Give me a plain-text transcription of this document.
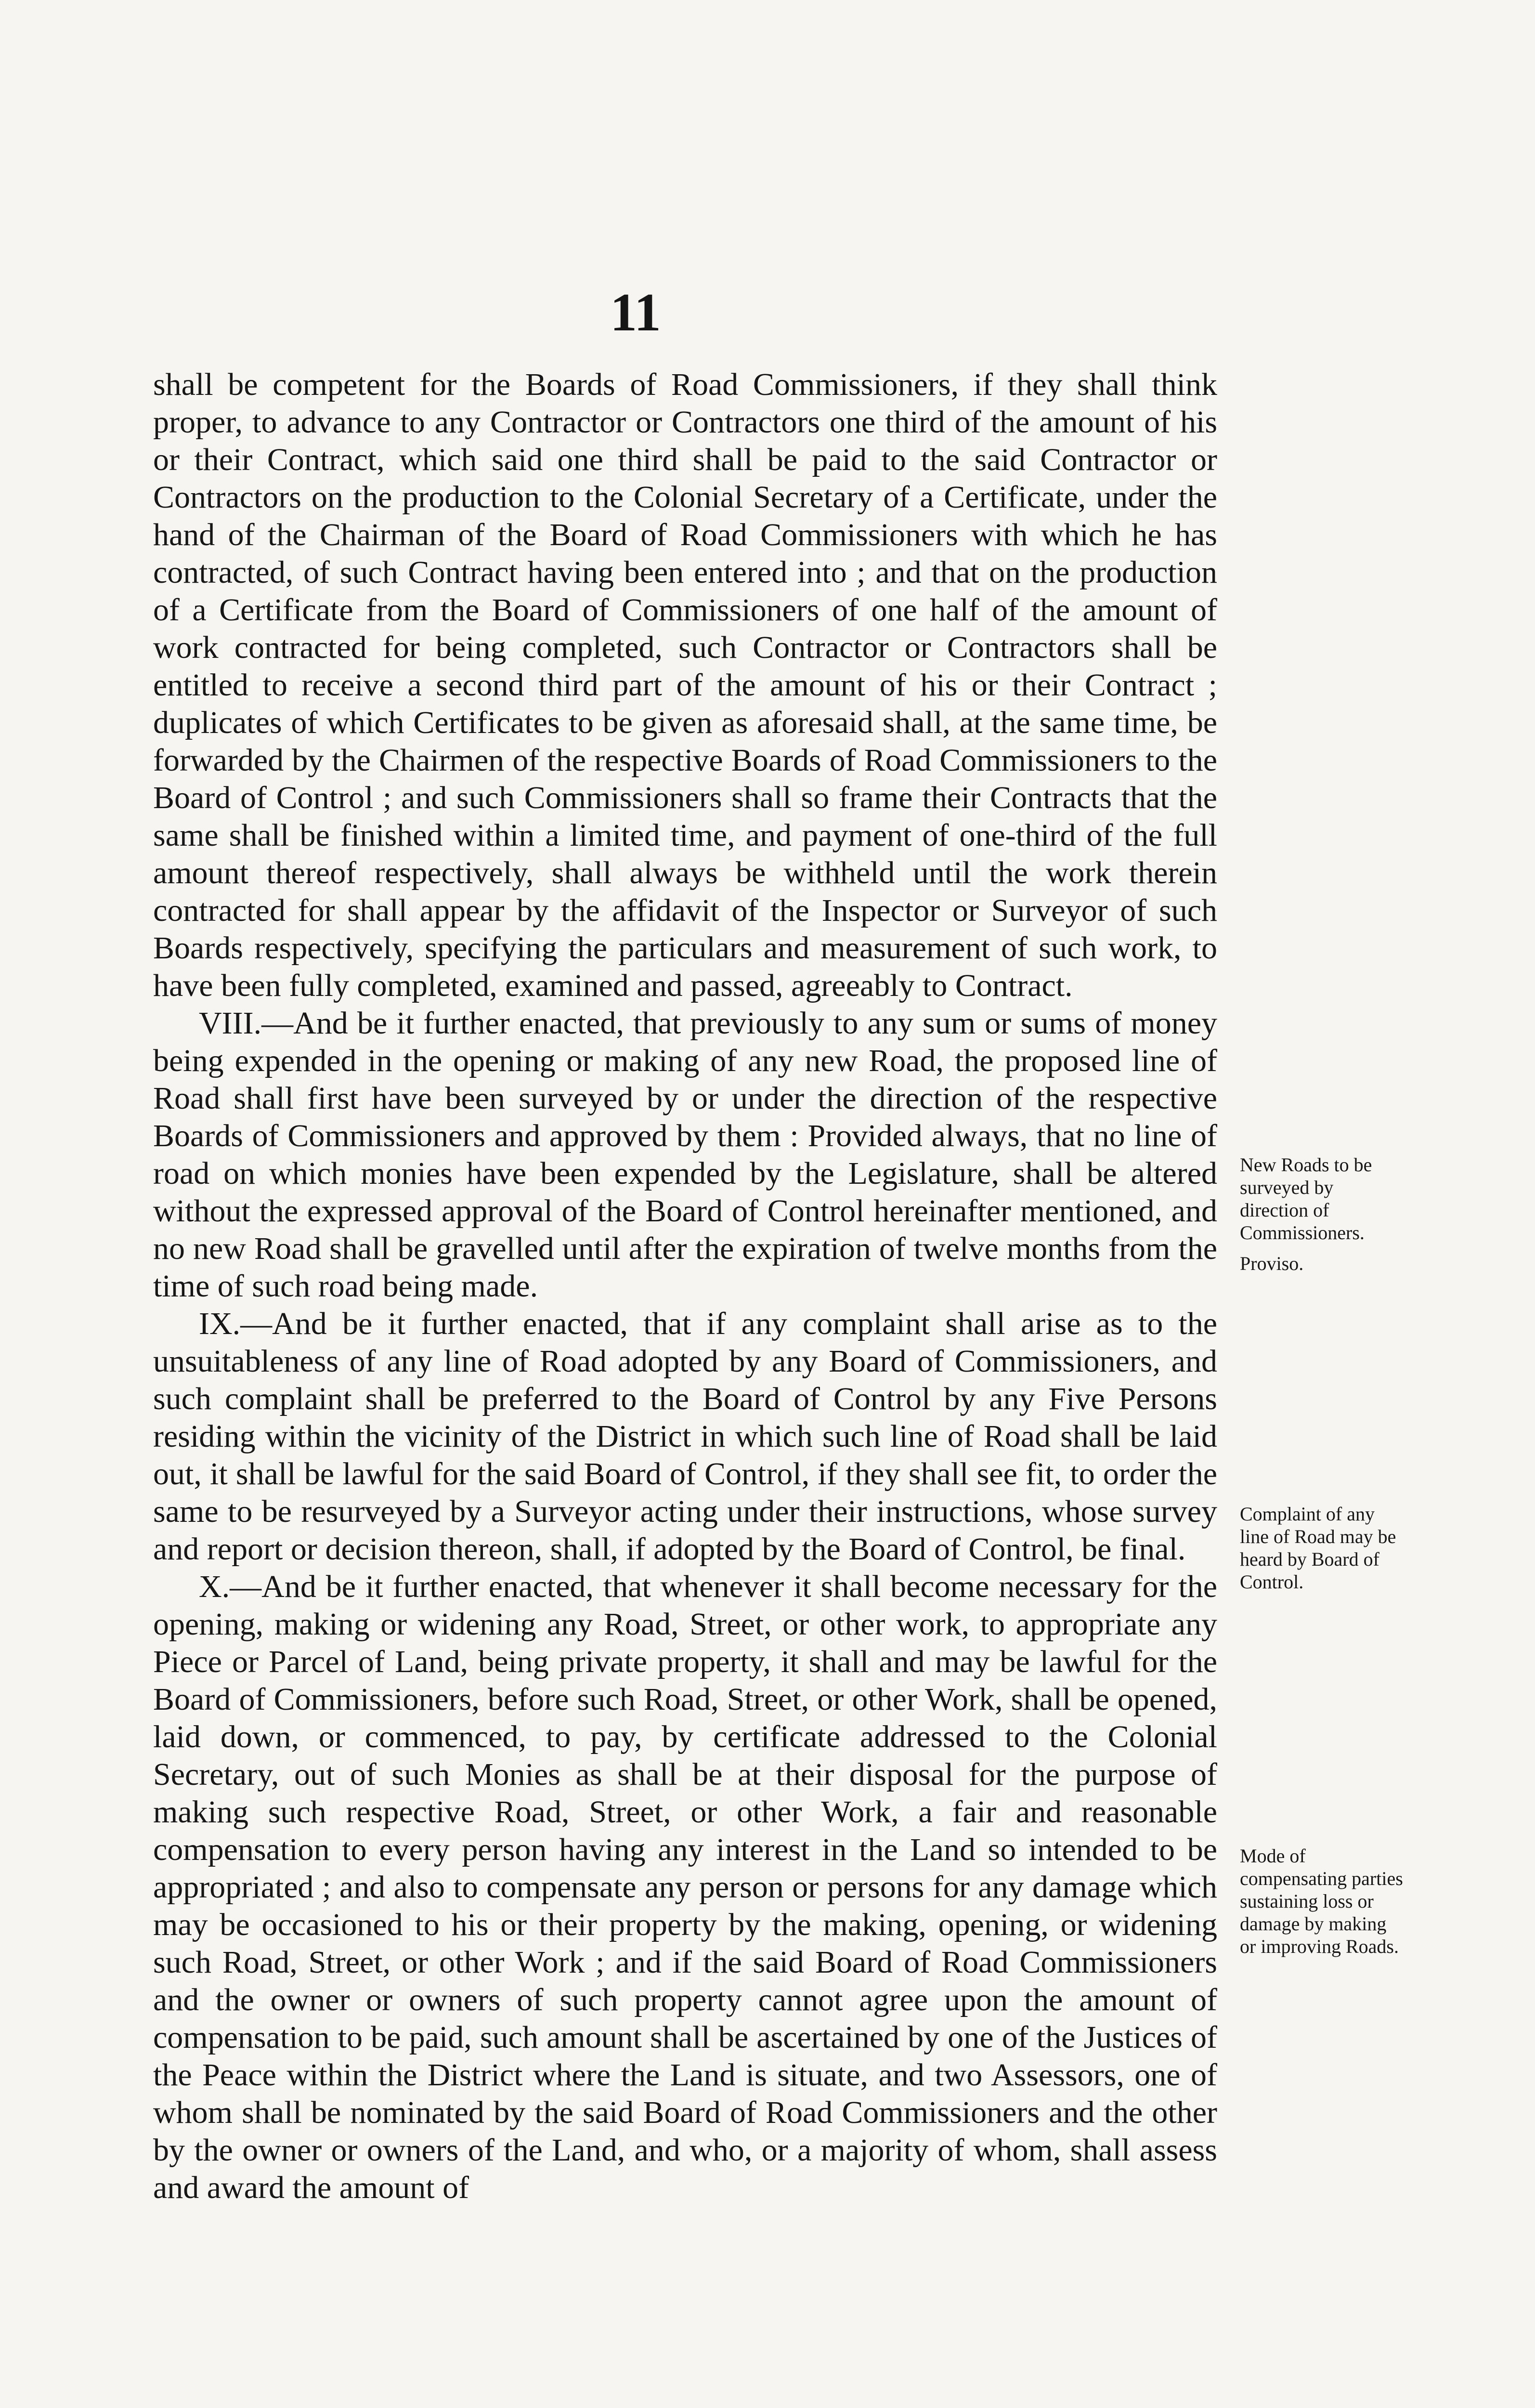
11

shall be competent for the Boards of Road Commissioners, if they shall think proper, to advance to any Contractor or Contractors one third of the amount of his or their Contract, which said one third shall be paid to the said Contractor or Contractors on the production to the Colonial Secretary of a Certificate, under the hand of the Chairman of the Board of Road Commissioners with which he has contracted, of such Contract having been entered into ; and that on the production of a Certificate from the Board of Commissioners of one half of the amount of work contracted for being completed, such Contractor or Contractors shall be entitled to receive a second third part of the amount of his or their Contract ; duplicates of which Certificates to be given as aforesaid shall, at the same time, be forwarded by the Chairmen of the respective Boards of Road Commissioners to the Board of Control ; and such Commissioners shall so frame their Contracts that the same shall be finished within a limited time, and payment of one-third of the full amount thereof respectively, shall always be withheld until the work therein contracted for shall appear by the affidavit of the Inspector or Surveyor of such Boards respectively, specifying the particulars and measurement of such work, to have been fully completed, examined and passed, agreeably to Contract.

VIII.—And be it further enacted, that previously to any sum or sums of money being expended in the opening or making of any new Road, the proposed line of Road shall first have been surveyed by or under the direction of the respective Boards of Commissioners and approved by them : Provided always, that no line of road on which monies have been expended by the Legislature, shall be altered without the expressed approval of the Board of Control hereinafter mentioned, and no new Road shall be gravelled until after the expiration of twelve months from the time of such road being made.

IX.—And be it further enacted, that if any complaint shall arise as to the unsuitableness of any line of Road adopted by any Board of Commissioners, and such complaint shall be preferred to the Board of Control by any Five Persons residing within the vicinity of the District in which such line of Road shall be laid out, it shall be lawful for the said Board of Control, if they shall see fit, to order the same to be resurveyed by a Surveyor acting under their instructions, whose survey and report or decision thereon, shall, if adopted by the Board of Control, be final.

X.—And be it further enacted, that whenever it shall become necessary for the opening, making or widening any Road, Street, or other work, to appropriate any Piece or Parcel of Land, being private property, it shall and may be lawful for the Board of Commissioners, before such Road, Street, or other Work, shall be opened, laid down, or commenced, to pay, by certificate addressed to the Colonial Secretary, out of such Monies as shall be at their disposal for the purpose of making such respective Road, Street, or other Work, a fair and reasonable compensation to every person having any interest in the Land so intended to be appropriated ; and also to compensate any person or persons for any damage which may be occasioned to his or their property by the making, opening, or widening such Road, Street, or other Work ; and if the said Board of Road Commissioners and the owner or owners of such property cannot agree upon the amount of compensation to be paid, such amount shall be ascertained by one of the Justices of the Peace within the District where the Land is situate, and two Assessors, one of whom shall be nominated by the said Board of Road Commissioners and the other by the owner or owners of the Land, and who, or a majority of whom, shall assess and award the amount of

New Roads to be surveyed by direction of Commissioners.

Proviso.

Complaint of any line of Road may be heard by Board of Control.

Mode of compensating parties sustaining loss or damage by making or improving Roads.
